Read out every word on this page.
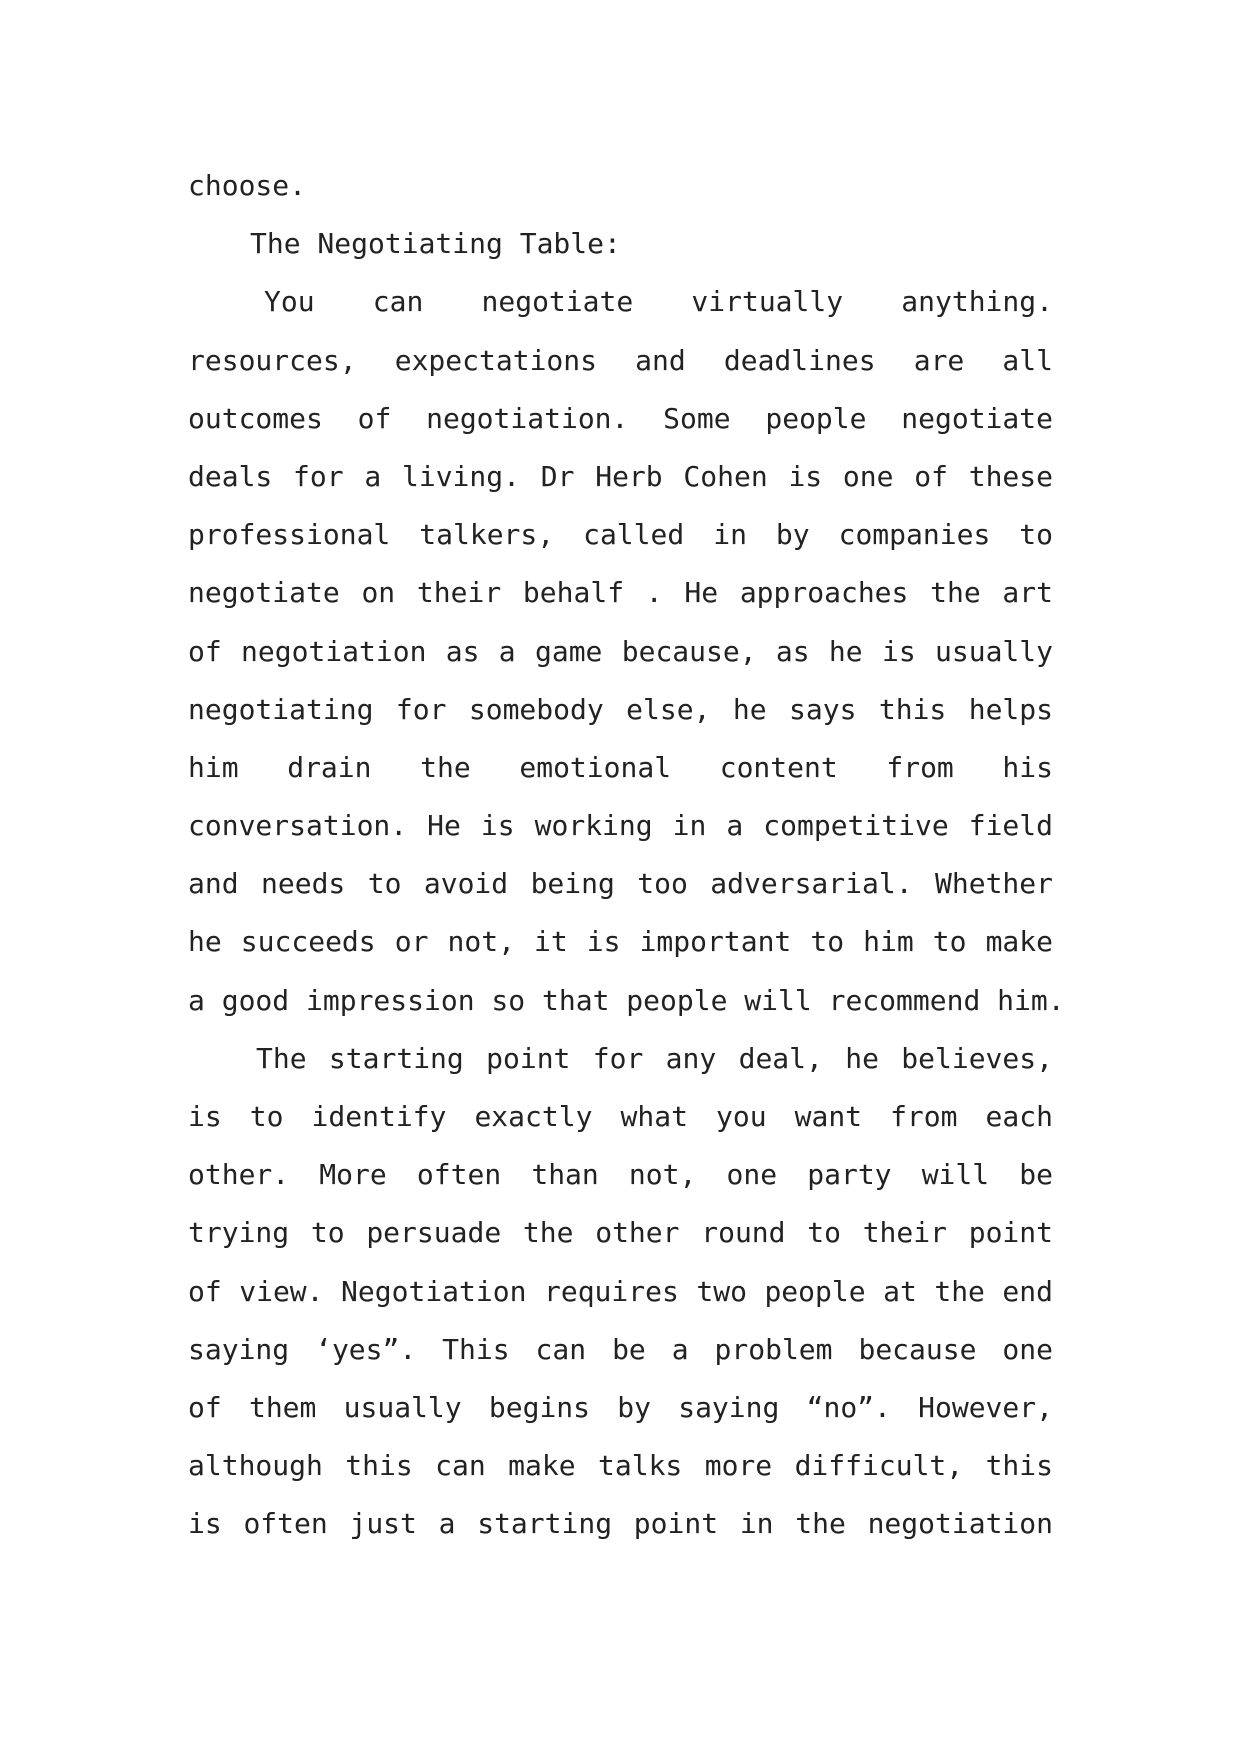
choose.
The Negotiating Table:
You can negotiate virtually anything.
resources, expectations and deadlines are all
outcomes of negotiation. Some people negotiate
deals for a living. Dr Herb Cohen is one of these
professional talkers, called in by companies to
negotiate on their behalf . He approaches the art
of negotiation as a game because, as he is usually
negotiating for somebody else, he says this helps
him drain the emotional content from his
conversation. He is working in a competitive field
and needs to avoid being too adversarial. Whether
he succeeds or not, it is important to him to make
a good impression so that people will recommend him.
The starting point for any deal, he believes,
is to identify exactly what you want from each
other. More often than not, one party will be
trying to persuade the other round to their point
of view. Negotiation requires two people at the end
saying ‘yes”. This can be a problem because one
of them usually begins by saying “no”. However,
although this can make talks more difficult, this
is often just a starting point in the negotiation
